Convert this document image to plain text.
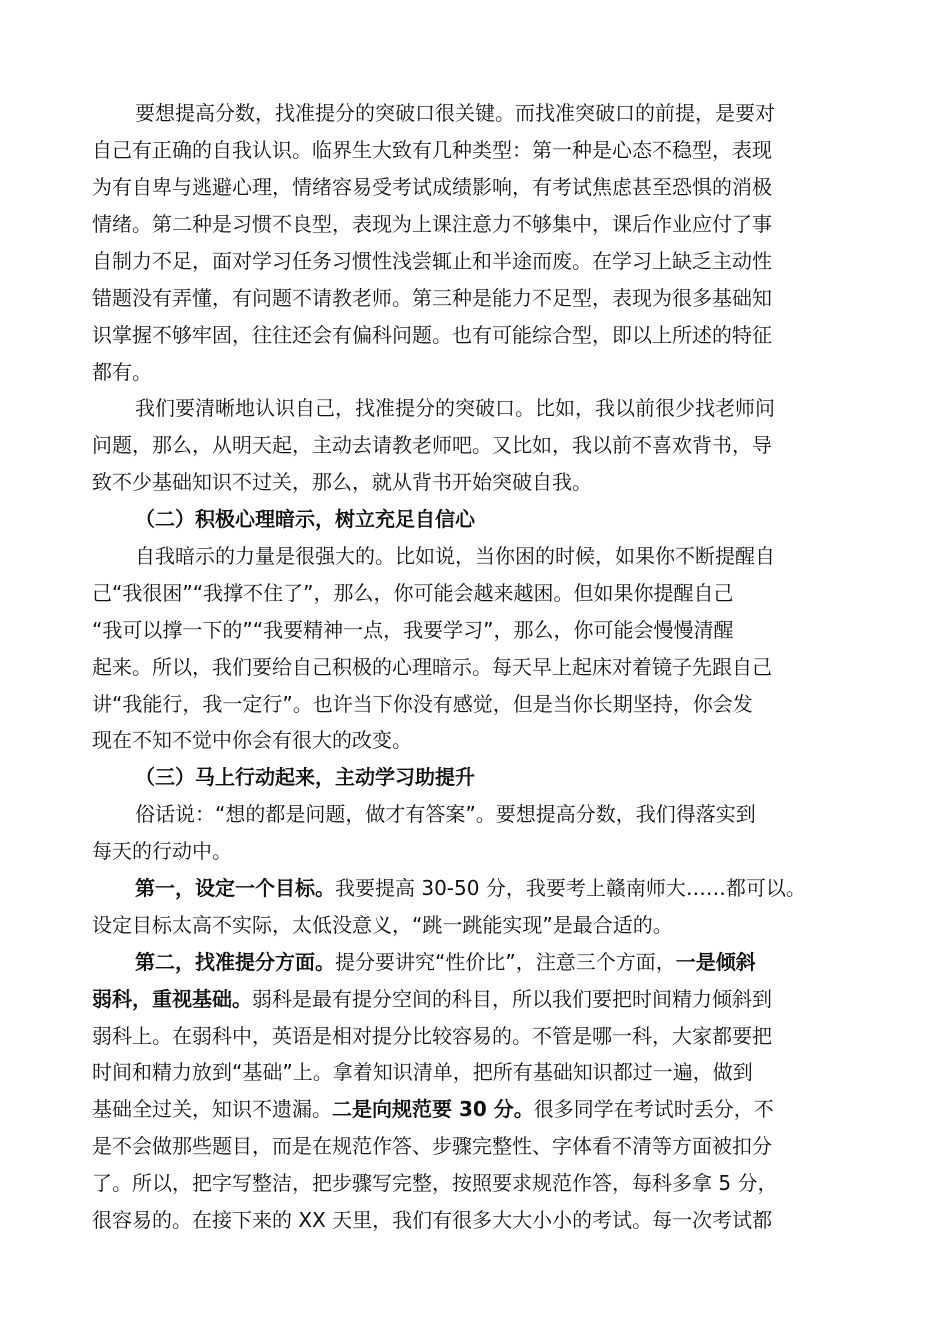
要想提高分数，找准提分的突破口很关键。而找准突破口的前提，是要对
自己有正确的自我认识。临界生大致有几种类型：第一种是心态不稳型，表现
为有自卑与逃避心理，情绪容易受考试成绩影响，有考试焦虑甚至恐惧的消极
情绪。第二种是习惯不良型，表现为上课注意力不够集中，课后作业应付了事
自制力不足，面对学习任务习惯性浅尝辄止和半途而废。在学习上缺乏主动性
错题没有弄懂，有问题不请教老师。第三种是能力不足型，表现为很多基础知
识掌握不够牢固，往往还会有偏科问题。也有可能综合型，即以上所述的特征
都有。
我们要清晰地认识自己，找准提分的突破口。比如，我以前很少找老师问
问题，那么，从明天起，主动去请教老师吧。又比如，我以前不喜欢背书，导
致不少基础知识不过关，那么，就从背书开始突破自我。
（二）积极心理暗示，树立充足自信心
自我暗示的力量是很强大的。比如说，当你困的时候，如果你不断提醒自
己“我很困”“我撑不住了”，那么，你可能会越来越困。但如果你提醒自己
“我可以撑一下的”“我要精神一点，我要学习”，那么，你可能会慢慢清醒
起来。所以，我们要给自己积极的心理暗示。每天早上起床对着镜子先跟自己
讲“我能行，我一定行”。也许当下你没有感觉，但是当你长期坚持，你会发
现在不知不觉中你会有很大的改变。
（三）马上行动起来，主动学习助提升
俗话说：“想的都是问题，做才有答案”。要想提高分数，我们得落实到
每天的行动中。
第一，设定一个目标。我要提高 30-50 分，我要考上赣南师大……都可以。
设定目标太高不实际，太低没意义，“跳一跳能实现”是最合适的。
第二，找准提分方面。提分要讲究“性价比”，注意三个方面，一是倾斜
弱科，重视基础。弱科是最有提分空间的科目，所以我们要把时间精力倾斜到
弱科上。在弱科中，英语是相对提分比较容易的。不管是哪一科，大家都要把
时间和精力放到“基础”上。拿着知识清单，把所有基础知识都过一遍，做到
基础全过关，知识不遗漏。二是向规范要 30 分。很多同学在考试时丢分，不
是不会做那些题目，而是在规范作答、步骤完整性、字体看不清等方面被扣分
了。所以，把字写整洁，把步骤写完整，按照要求规范作答，每科多拿 5 分，
很容易的。在接下来的 XX 天里，我们有很多大大小小的考试。每一次考试都
